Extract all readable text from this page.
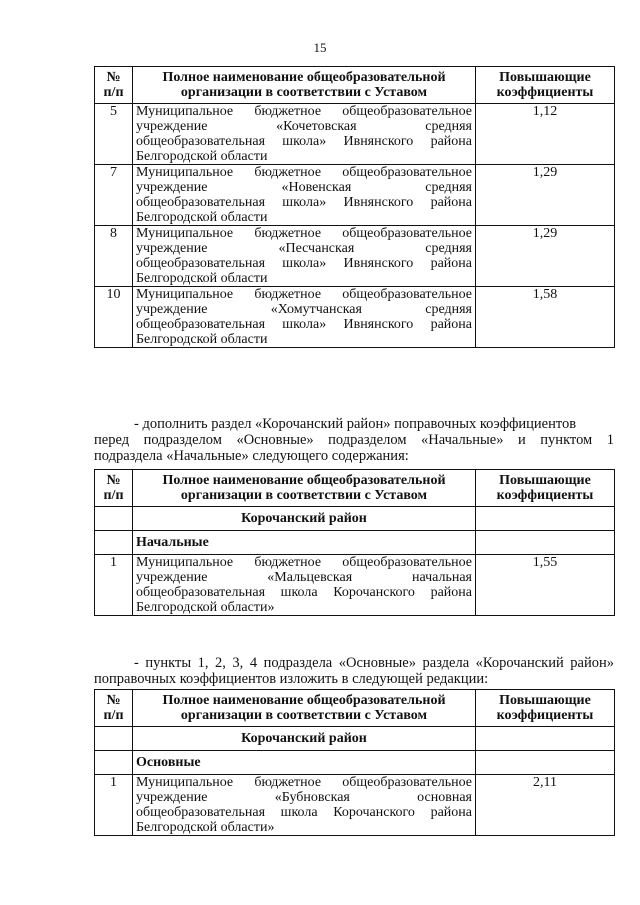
15
№
п/п	Полное наименование общеобразовательной организации в соответствии с Уставом	Повышающие коэффициенты
5	Муниципальное бюджетное общеобразовательное
учреждение «Кочетовская средняя
общеобразовательная школа» Ивнянского района
Белгородской области	1,12
7	Муниципальное бюджетное общеобразовательное
учреждение «Новенская средняя
общеобразовательная школа» Ивнянского района
Белгородской области	1,29
8	Муниципальное бюджетное общеобразовательное
учреждение «Песчанская средняя
общеобразовательная школа» Ивнянского района
Белгородской области	1,29
10	Муниципальное бюджетное общеобразовательное
учреждение «Хомутчанская средняя
общеобразовательная школа» Ивнянского района
Белгородской области	1,58
- дополнить раздел «Корочанский район» поправочных коэффициентов
перед подразделом «Основные» подразделом «Начальные» и пунктом 1
подраздела «Начальные» следующего содержания:
№
п/п	Полное наименование общеобразовательной организации в соответствии с Уставом	Повышающие коэффициенты
	Корочанский район	
	Начальные	
1	Муниципальное бюджетное общеобразовательное
учреждение «Мальцевская начальная
общеобразовательная школа Корочанского района
Белгородской области»	1,55
- пункты 1, 2, 3, 4 подраздела «Основные» раздела «Корочанский район»
поправочных коэффициентов изложить в следующей редакции:
№
п/п	Полное наименование общеобразовательной организации в соответствии с Уставом	Повышающие коэффициенты
	Корочанский район	
	Основные	
1	Муниципальное бюджетное общеобразовательное
учреждение «Бубновская основная
общеобразовательная школа Корочанского района
Белгородской области»	2,11
